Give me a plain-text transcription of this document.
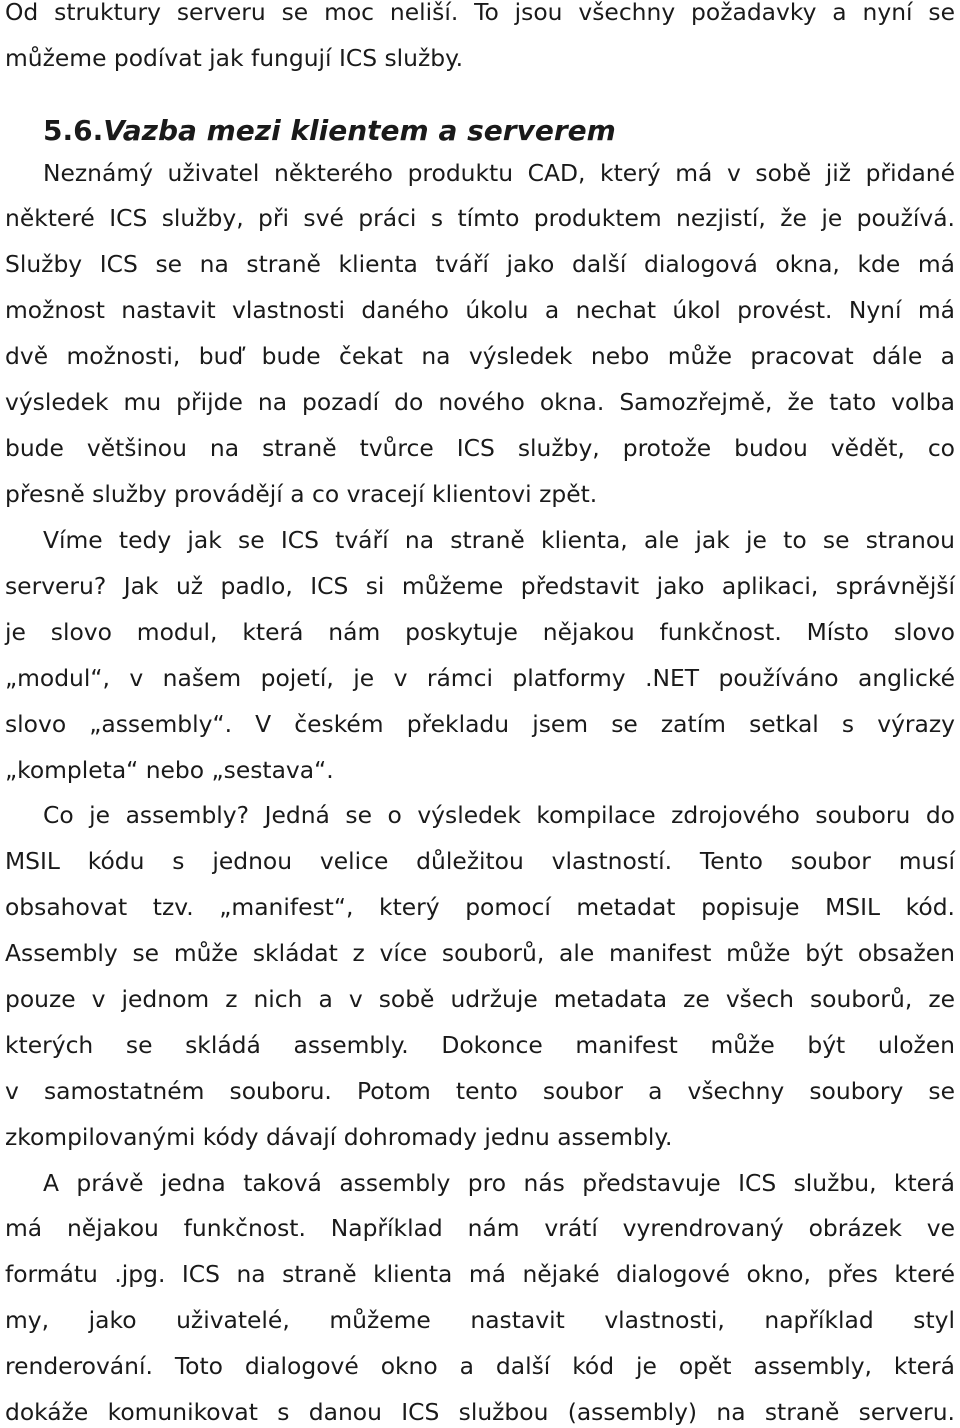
Od struktury serveru se moc neliší. To jsou všechny požadavky a nyní se
můžeme podívat jak fungují ICS služby.
5.6.Vazba mezi klientem a serverem
Neznámý uživatel některého produktu CAD, který má v sobě již přidané
některé ICS služby, při své práci s tímto produktem nezjistí, že je používá.
Služby ICS se na straně klienta tváří jako další dialogová okna, kde má
možnost nastavit vlastnosti daného úkolu a nechat úkol provést. Nyní má
dvě možnosti, buď bude čekat na výsledek nebo může pracovat dále a
výsledek mu přijde na pozadí do nového okna. Samozřejmě, že tato volba
bude většinou na straně tvůrce ICS služby, protože budou vědět, co
přesně služby provádějí a co vracejí klientovi zpět.
Víme tedy jak se ICS tváří na straně klienta, ale jak je to se stranou
serveru? Jak už padlo, ICS si můžeme představit jako aplikaci, správnější
je slovo modul, která nám poskytuje nějakou funkčnost. Místo slovo
„modul“, v našem pojetí, je v rámci platformy .NET používáno anglické
slovo „assembly“. V českém překladu jsem se zatím setkal s výrazy
„kompleta“ nebo „sestava“.
Co je assembly? Jedná se o výsledek kompilace zdrojového souboru do
MSIL kódu s jednou velice důležitou vlastností. Tento soubor musí
obsahovat tzv. „manifest“, který pomocí metadat popisuje MSIL kód.
Assembly se může skládat z více souborů, ale manifest může být obsažen
pouze v jednom z nich a v sobě udržuje metadata ze všech souborů, ze
kterých se skládá assembly. Dokonce manifest může být uložen
v samostatném souboru. Potom tento soubor a všechny soubory se
zkompilovanými kódy dávají dohromady jednu assembly.
A právě jedna taková assembly pro nás představuje ICS službu, která
má nějakou funkčnost. Například nám vrátí vyrendrovaný obrázek ve
formátu .jpg. ICS na straně klienta má nějaké dialogové okno, přes které
my, jako uživatelé, můžeme nastavit vlastnosti, například styl
renderování. Toto dialogové okno a další kód je opět assembly, která
dokáže komunikovat s danou ICS službou (assembly) na straně serveru.
